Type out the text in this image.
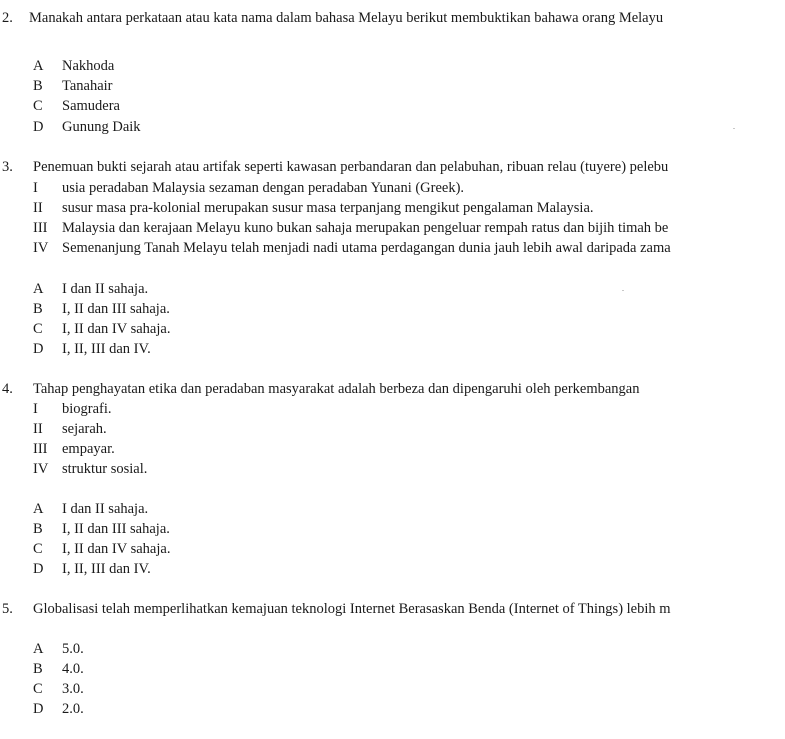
2. Manakah antara perkataan atau kata nama dalam bahasa Melayu berikut membuktikan bahawa orang Melayu
A Nakhoda
B Tanahair
C Samudera
D Gunung Daik
3. Penemuan bukti sejarah atau artifak seperti kawasan perbandaran dan pelabuhan, ribuan relau (tuyere) pelebu
I usia peradaban Malaysia sezaman dengan peradaban Yunani (Greek).
II susur masa pra-kolonial merupakan susur masa terpanjang mengikut pengalaman Malaysia.
III Malaysia dan kerajaan Melayu kuno bukan sahaja merupakan pengeluar rempah ratus dan bijih timah be
IV Semenanjung Tanah Melayu telah menjadi nadi utama perdagangan dunia jauh lebih awal daripada zama
A I dan II sahaja.
B I, II dan III sahaja.
C I, II dan IV sahaja.
D I, II, III dan IV.
4. Tahap penghayatan etika dan peradaban masyarakat adalah berbeza dan dipengaruhi oleh perkembangan
I biografi.
II sejarah.
III empayar.
IV struktur sosial.
A I dan II sahaja.
B I, II dan III sahaja.
C I, II dan IV sahaja.
D I, II, III dan IV.
5. Globalisasi telah memperlihatkan kemajuan teknologi Internet Berasaskan Benda (Internet of Things) lebih m
A 5.0.
B 4.0.
C 3.0.
D 2.0.
